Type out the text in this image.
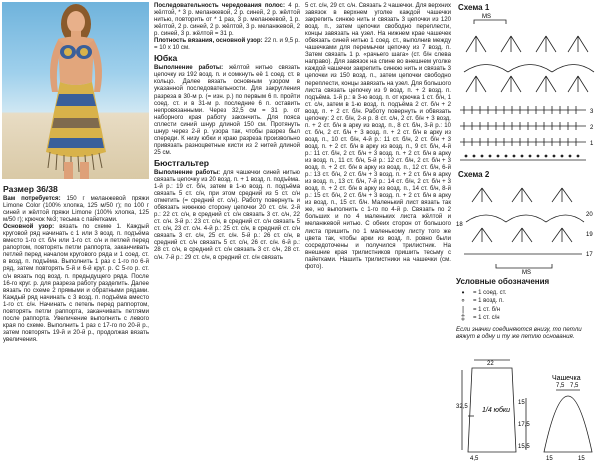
Размер 36/38

Вам потребуется: 150 г меланжевой пряжи Limone Color (100% хлопка, 125 м/50 г); по 100 г синей и жёлтой пряжи Limone (100% хлопка, 125 м/50 г); крючок №3; тесьма с пайетками.

Основной узор: вязать по схеме 1. Каждый круговой ряд начинать с 1 или 3 возд. п. подъёма вместо 1-го ст. б/н или 1-го ст. с/н и петлей перед рапортом, повторять петли раппорта, заканчивать петлей перед началом кругового ряда и 1 соед. ст. в возд. п. подъёма. Выполнить 1 раз с 1-го по 6-й ряд, затем повторять 5-й и 6-й круг. р. С 5-го р. ст. с/н вязать под возд. п. предыдущего ряда. После 16-го круг. р. для разреза работу разделить. Далее вязать по схеме 2 прямыми и обратными рядами. Каждый ряд начинать с 3 возд. п. подъёма вместо 1-го ст. с/н. Начинать с петель перед раппортом, повторять петли раппорта, заканчивать петлями после раппорта. Увеличение выполнить с левого края по схеме. Выполнить 1 раз с 17-го по 20-й р., затем повторять 19-й и 20-й р., продолжая вязать увеличения.

Последовательность чередования полос: 4 р. жёлтой, * 3 р. меланжевой, 2 р. синей, 2 р. жёлтой нитью, повторить от * 1 раз, 3 р. меланжевой, 1 р. жёлтой, 2 р. синей, 2 р. жёлтой, 3 р. меланжевой, 2 р. синей, 3 р. жёлтой = 31 р.

Плотность вязания, основной узор: 22 п. и 9,5 р. = 10 х 10 см.

Юбка

Выполнение работы: жёлтой нитью связать цепочку из 192 возд. п. и сомкнуть её 1 соед. ст. в кольцо. Далее вязать основным узором в указанной последовательности. Для закругления разреза в 30-м р. (= изн. р.) по первым 6 п. пройти соед. ст. и в 31-м р. последние 6 п. оставить непровязанными. Через 32,5 см = 31 р. от наборного края работу закончить. Для пояса сплести синий шнур длиной 150 см. Протянуть шнур через 2-й р. узора так, чтобы разрез был спереди. К низу юбки и краю разреза произвольно привязать разноцветные кисти из 2 нитей длиной 25 см.

Бюстгальтер

Выполнение работы: для чашечки синей нитью связать цепочку из 20 возд. п. + 1 возд. п. подъёма. 1-й р.: 19 ст. б/н, затем в 1-ю возд. п. подъёма связать 5 ст. с/н, при этом средний из 5 ст. с/н отметить (= средний ст. с/н). Работу повернуть и обвязать нижнюю сторону цепочки 20 ст. с/н. 2-й р.: 22 ст. с/н, в средний ст. с/н связать 3 ст. с/н, 22 ст. с/н. 3-й р.: 23 ст. с/н, в средний ст. с/н связать 5 ст. с/н, 23 ст. с/н. 4-й р.: 25 ст. с/н, в средний ст. с/н связать 3 ст. с/н, 25 ст. с/н. 5-й р.: 26 ст. с/н, в средний ст. с/н связать 5 ст. с/н, 26 ст. с/н. 6-й р.: 28 ст. с/н, в средний ст. с/н связать 3 ст. с/н, 28 ст. с/н. 7-й р.: 29 ст. с/н, в средний ст. с/н связать

5 ст. с/н, 29 ст. с/н. Связать 2 чашечки. Для верхних завязок в верхнем уголке каждой чашечки закрепить синюю нить и связать 3 цепочки из 120 возд. п., затем цепочки свободно переплести, концы завязать на узел. На нижнем крае чашечек обвязать синей нитью 1 соед. ст., выполнив между чашечками для перемычки цепочку из 7 возд. п. Затем связать 1 р. «рачьего шага» (ст. б/н слева направо). Для завязок на спине во внешнем уголке каждой чашечки закрепить синюю нить и связать 3 цепочки из 150 возд. п., затем цепочки свободно переплести, концы завязать на узел. Для большого листа связать цепочку из 9 возд. п. + 2 возд. п. подъёма. 1-й р.: в 3-ю возд. п. от крючка 1 ст. б/н, 1 ст. с/н, затем в 1-ю возд. п. подъёма 2 ст. б/н + 2 возд. п. + 2 ст. б/н. Работу повернуть и обвязать цепочку: 2 ст. б/н, 2-я р. 8 ст. с/н, 2 ст. б/н + 3 возд. п. + 2 ст. б/н в арку из возд. п., 8 ст. б/н, 3-й р.: 10 ст. б/н, 2 ст. б/н + 3 возд. п. + 2 ст. б/н в арку из возд. п., 10 ст. б/н, 4-й р.: 11 ст. б/н, 2 ст. б/н + 3 возд. п. + 2 ст. б/н в арку из возд. п., 9 ст. б/н, 4-й р.: 11 ст. б/н, 2 ст. б/н + 3 возд. п. + 2 ст. б/н в арку из возд. п., 11 ст. б/н, 5-й р.: 12 ст. б/н, 2 ст. б/н + 3 возд. п. + 2 ст. б/н в арку из возд. п., 12 ст. б/н, 6-й р.: 13 ст. б/н, 2 ст. б/н + 3 возд. п. + 2 ст. б/н в арку из возд. п., 13 ст. б/н, 7-й р.: 14 ст. б/н, 2 ст. б/н + 3 возд. п. + 2 ст. б/н в арку из возд. п., 14 ст. б/н, 8-й р.: 15 ст. б/н, 2 ст. б/н + 3 возд. п. + 2 ст. б/н в арку из возд. п., 15 ст. б/н. Маленький лист вязать так же, но выполнить с 1-го по 4-й р. Связать по 2 больших и по 4 маленьких листа жёлтой и меланжевой нитью. С обеих сторон от большого листа пришить по 1 маленькому листу того же цвета так, чтобы арки из возд. п. ровно были сосредоточены и получился трилистник. На внешние края трилистников пришить тесьму с пайетками. Нашить трилистники на чашечки (см. фото).

Схема 1
MS
3
2
1
Схема 2
MS
20
19
18
17
Условные обозначения
•	= 1 соед. ст.
∘	= 1 возд. п.
|	= 1 ст. б/н
‡	= 1 ст. с/н
Если значки соединяются внизу, то петли вяжут в одну и ту же петлю основания.
1/4 юбки
Чашечка
22
32,5
15
17,5
15,5
4,5
7,5 7,5
15	15
